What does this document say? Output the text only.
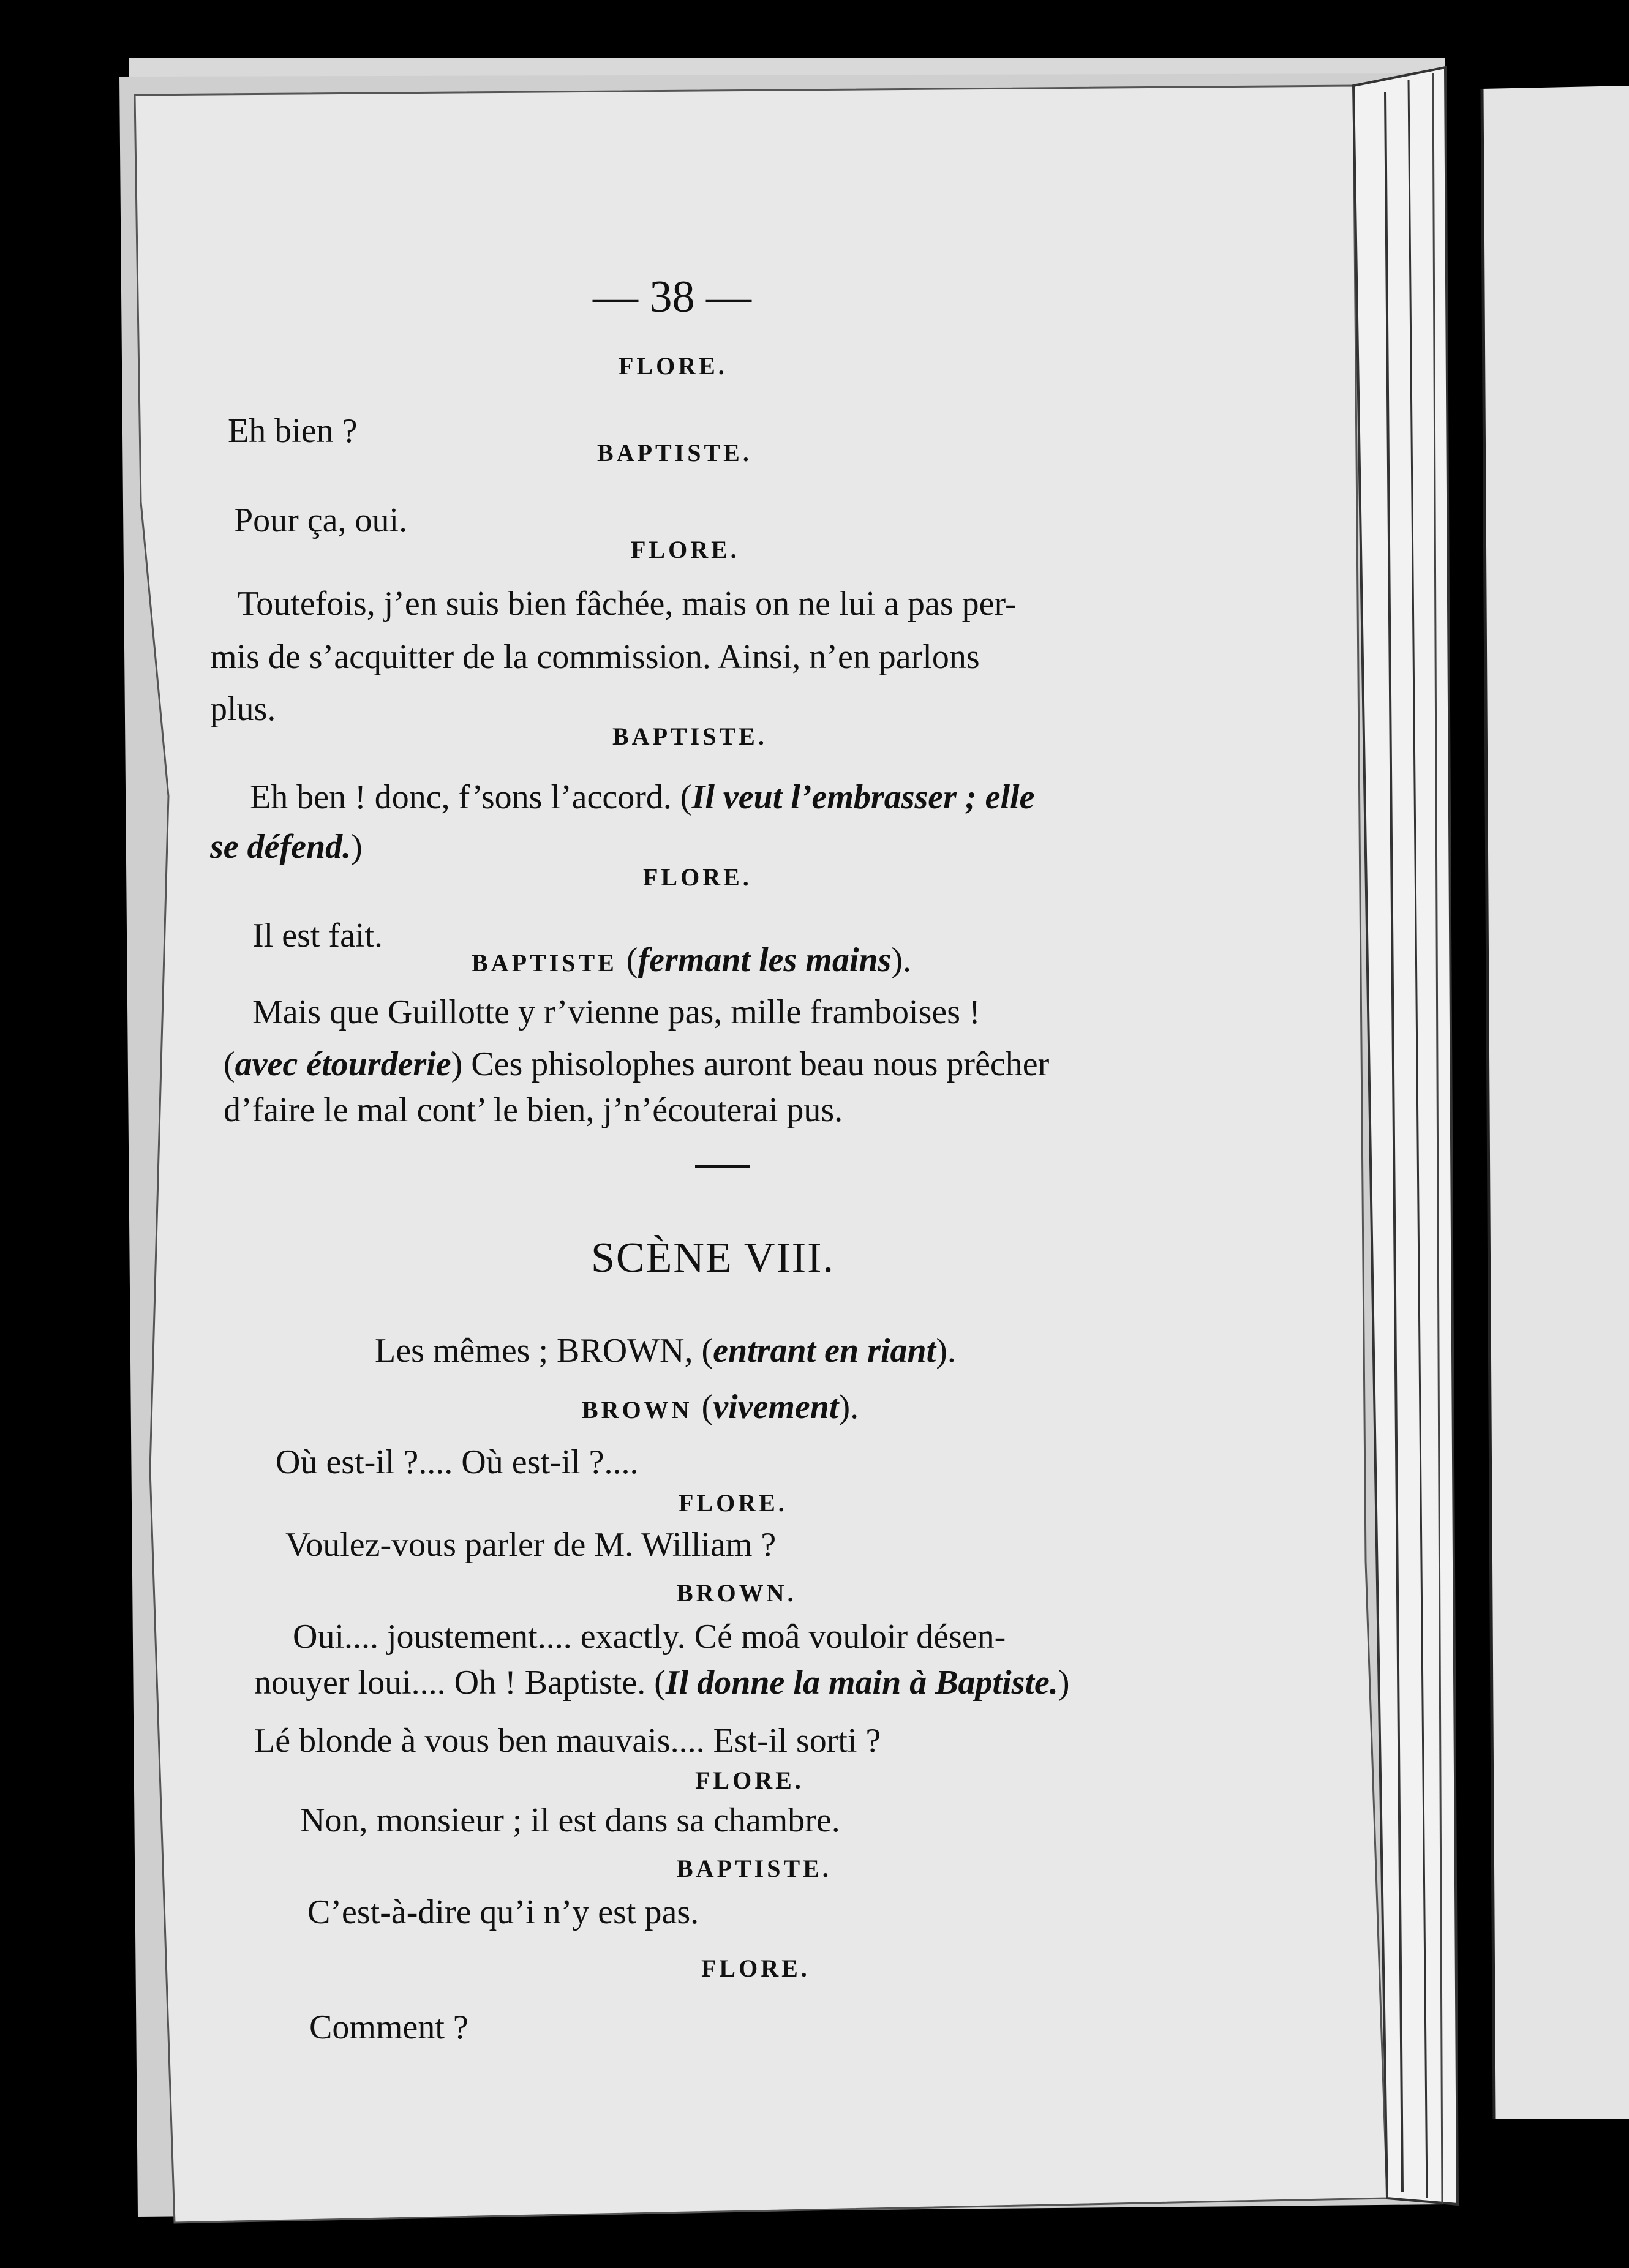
— 38 —
FLORE.
Eh bien ?
BAPTISTE.
Pour ça, oui.
FLORE.
Toutefois, j’en suis bien fâchée, mais on ne lui a pas per-
mis de s’acquitter de la commission. Ainsi, n’en parlons
plus.
BAPTISTE.
Eh ben ! donc, f’sons l’accord. (Il veut l’embrasser ; elle
se défend.)
FLORE.
Il est fait.
BAPTISTE (fermant les mains).
Mais que Guillotte y r’vienne pas, mille framboises !
(avec étourderie) Ces phisolophes auront beau nous prêcher
d’faire le mal cont’ le bien, j’n’écouterai pus.
SCÈNE VIII.
Les mêmes ; BROWN, (entrant en riant).
BROWN (vivement).
Où est-il ?.... Où est-il ?....
FLORE.
Voulez-vous parler de M. William ?
BROWN.
Oui.... joustement.... exactly. Cé moâ vouloir désen-
nouyer loui.... Oh ! Baptiste. (Il donne la main à Baptiste.)
Lé blonde à vous ben mauvais.... Est-il sorti ?
FLORE.
Non, monsieur ; il est dans sa chambre.
BAPTISTE.
C’est-à-dire qu’i n’y est pas.
FLORE.
Comment ?
